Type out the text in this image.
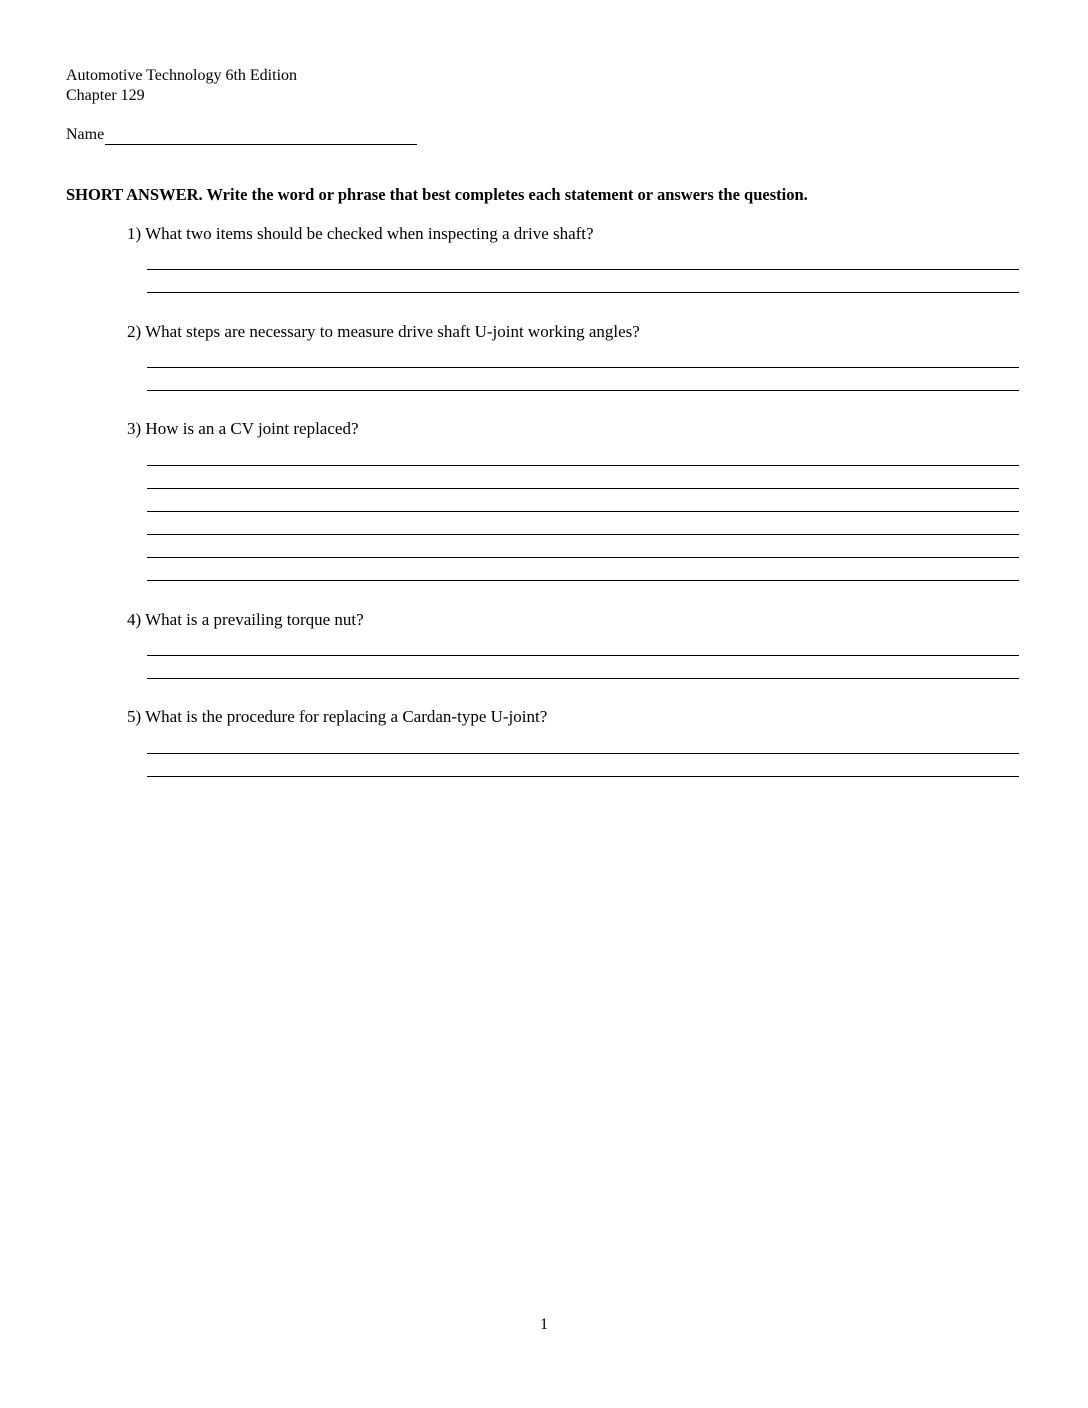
Automotive Technology 6th Edition
Chapter 129
Name
SHORT ANSWER. Write the word or phrase that best completes each statement or answers the question.
1) What two items should be checked when inspecting a drive shaft?
2) What steps are necessary to measure drive shaft U-joint working angles?
3) How is an a CV joint replaced?
4) What is a prevailing torque nut?
5) What is the procedure for replacing a Cardan-type U-joint?
1
